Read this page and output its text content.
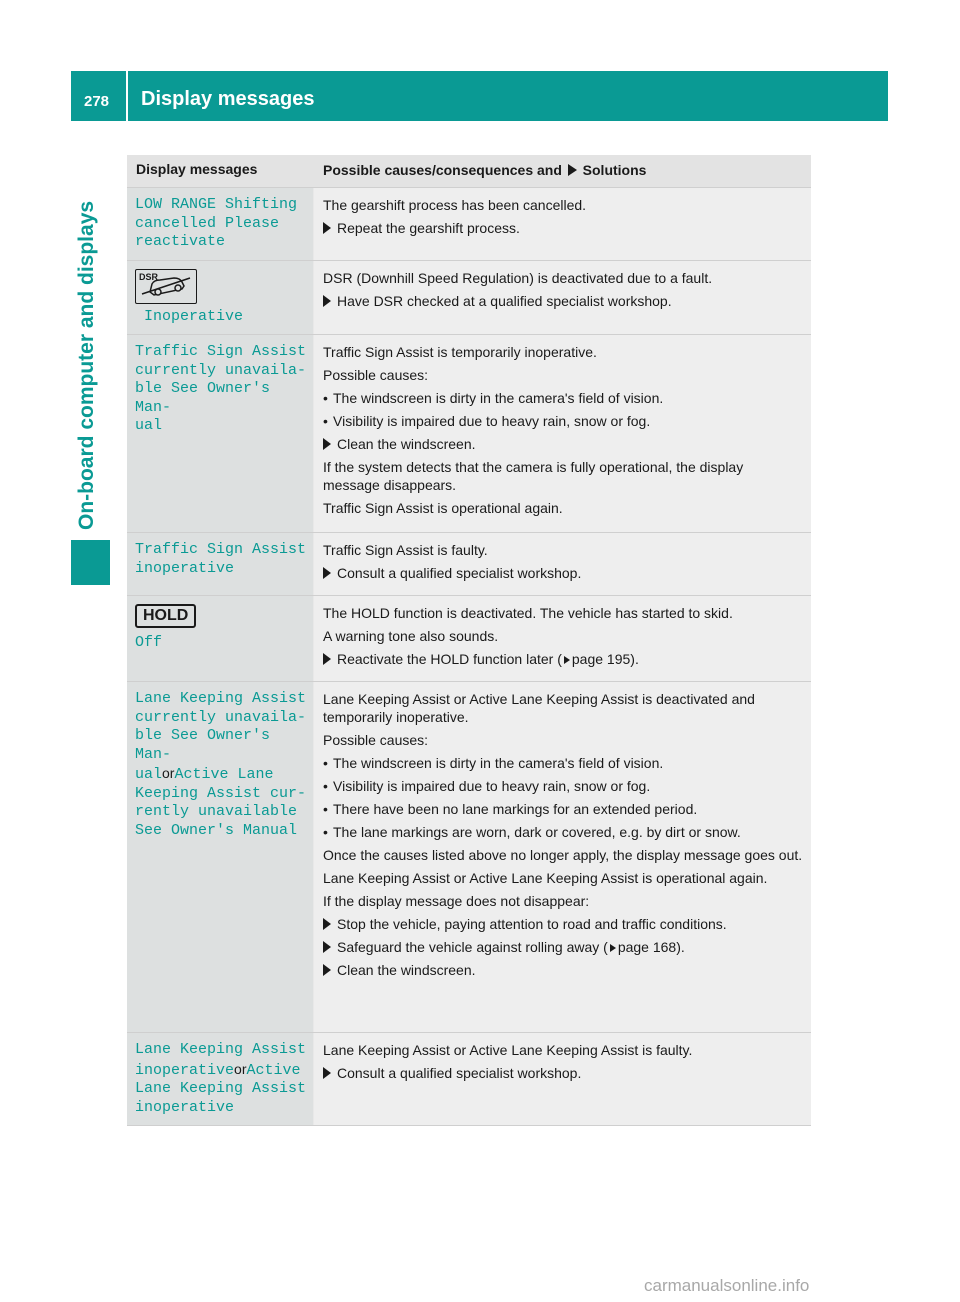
278 Display messages
On-board computer and displays
Display messages	Possible causes/consequences and Solutions
LOW RANGE Shifting
cancelled Please
reactivate
The gearshift process has been cancelled.
Repeat the gearshift process.
DSR
Inoperative
DSR (Downhill Speed Regulation) is deactivated due to a fault.
Have DSR checked at a qualified specialist workshop.
Traffic Sign Assist
currently unavaila‐
ble See Owner's Man‐
ual
Traffic Sign Assist is temporarily inoperative.
Possible causes:
• The windscreen is dirty in the camera's field of vision.
• Visibility is impaired due to heavy rain, snow or fog.
Clean the windscreen.
If the system detects that the camera is fully operational, the display message disappears.
Traffic Sign Assist is operational again.
Traffic Sign Assist
inoperative
Traffic Sign Assist is faulty.
Consult a qualified specialist workshop.
HOLD
Off
The HOLD function is deactivated. The vehicle has started to skid.
A warning tone also sounds.
Reactivate the HOLD function later ( page 195).
Lane Keeping Assist
currently unavaila‐
ble See Owner's Man‐
ualorActive Lane
Keeping Assist cur‐
rently unavailable
See Owner's Manual
Lane Keeping Assist or Active Lane Keeping Assist is deactivated and temporarily inoperative.
Possible causes:
• The windscreen is dirty in the camera's field of vision.
• Visibility is impaired due to heavy rain, snow or fog.
• There have been no lane markings for an extended period.
• The lane markings are worn, dark or covered, e.g. by dirt or snow.
Once the causes listed above no longer apply, the display message goes out.
Lane Keeping Assist or Active Lane Keeping Assist is operational again.
If the display message does not disappear:
Stop the vehicle, paying attention to road and traffic conditions.
Safeguard the vehicle against rolling away ( page 168).
Clean the windscreen.
Lane Keeping Assist
inoperativeorActive
Lane Keeping Assist
inoperative
Lane Keeping Assist or Active Lane Keeping Assist is faulty.
Consult a qualified specialist workshop.
carmanualsonline.info
